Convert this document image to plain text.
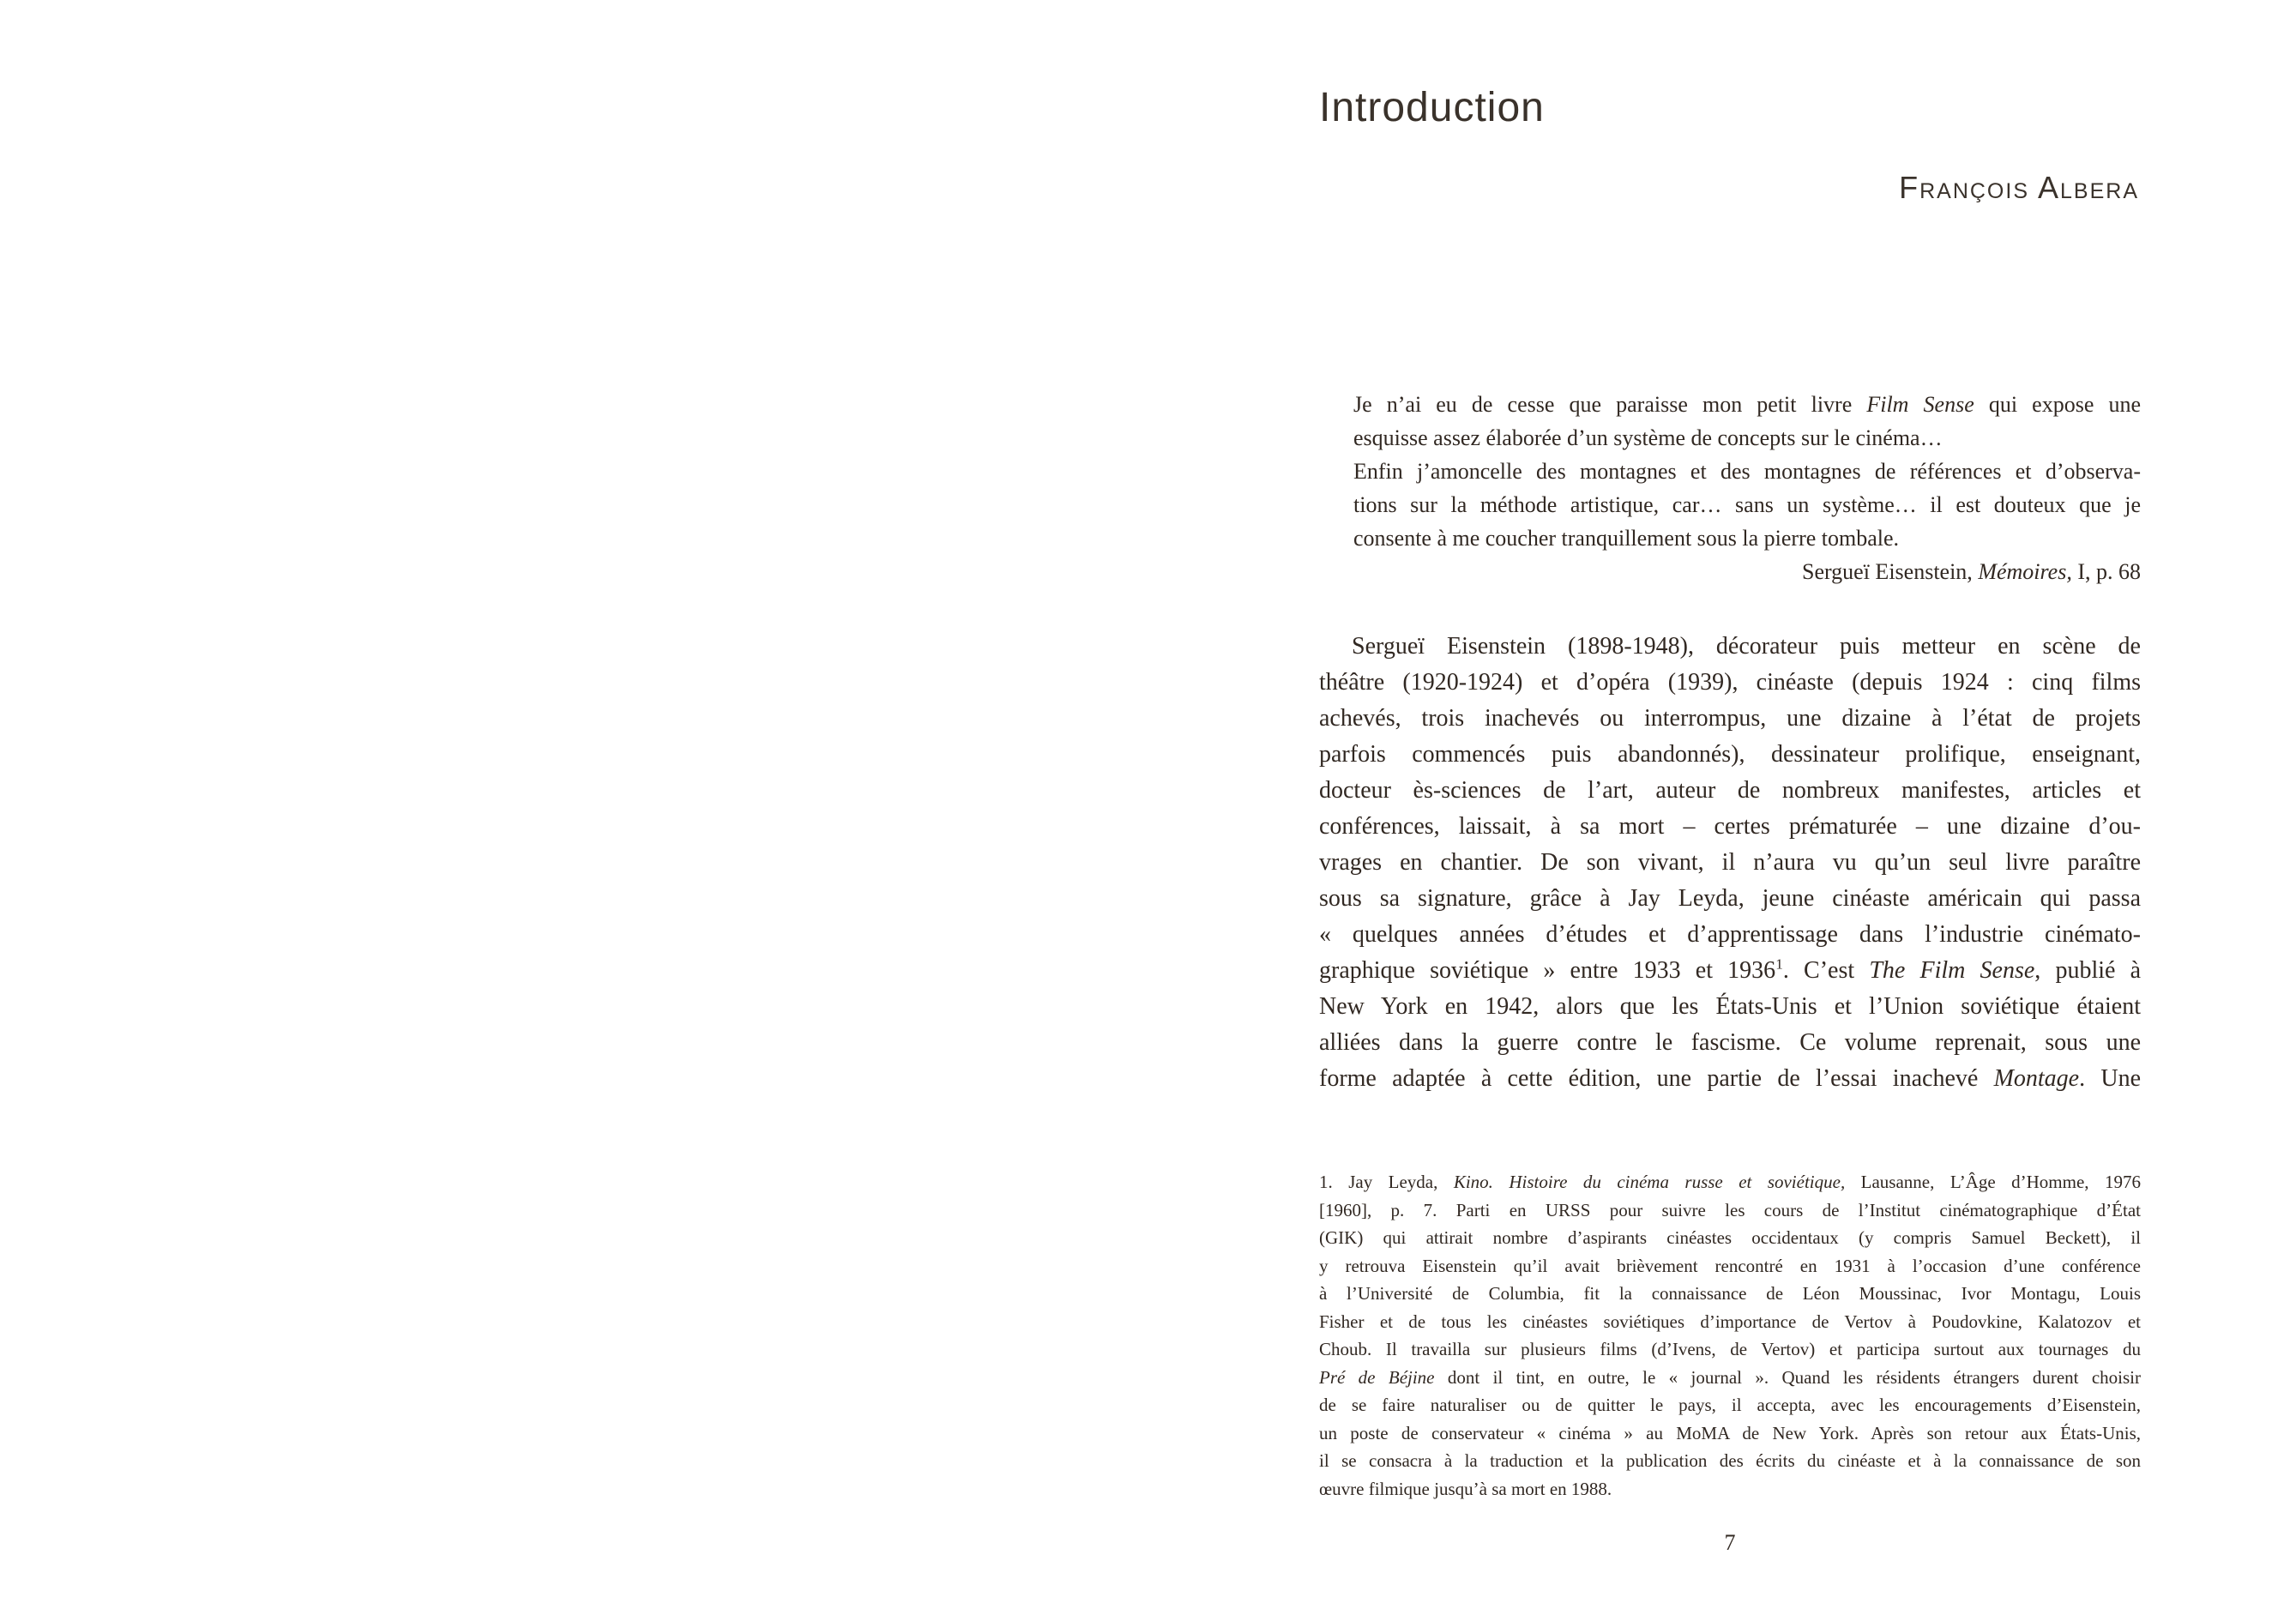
Introduction
François Albera
Je n’ai eu de cesse que paraisse mon petit livre Film Sense qui expose une
esquisse assez élaborée d’un système de concepts sur le cinéma…
Enfin j’amoncelle des montagnes et des montagnes de références et d’observa-
tions sur la méthode artistique, car… sans un système… il est douteux que je
consente à me coucher tranquillement sous la pierre tombale.
Sergueï Eisenstein, Mémoires, I, p. 68
Sergueï Eisenstein (1898-1948), décorateur puis metteur en scène de
théâtre (1920-1924) et d’opéra (1939), cinéaste (depuis 1924 : cinq films
achevés, trois inachevés ou interrompus, une dizaine à l’état de projets
parfois commencés puis abandonnés), dessinateur prolifique, enseignant,
docteur ès-sciences de l’art, auteur de nombreux manifestes, articles et
conférences, laissait, à sa mort – certes prématurée – une dizaine d’ou-
vrages en chantier. De son vivant, il n’aura vu qu’un seul livre paraître
sous sa signature, grâce à Jay Leyda, jeune cinéaste américain qui passa
« quelques années d’études et d’apprentissage dans l’industrie cinémato-
graphique soviétique » entre 1933 et 1936$^1$. C’est The Film Sense, publié à
New York en 1942, alors que les États-Unis et l’Union soviétique étaient
alliées dans la guerre contre le fascisme. Ce volume reprenait, sous une
forme adaptée à cette édition, une partie de l’essai inachevé Montage. Une
1. Jay Leyda, Kino. Histoire du cinéma russe et soviétique, Lausanne, L’Âge d’Homme, 1976
[1960], p. 7. Parti en URSS pour suivre les cours de l’Institut cinématographique d’État
(GIK) qui attirait nombre d’aspirants cinéastes occidentaux (y compris Samuel Beckett), il
y retrouva Eisenstein qu’il avait brièvement rencontré en 1931 à l’occasion d’une conférence
à l’Université de Columbia, fit la connaissance de Léon Moussinac, Ivor Montagu, Louis
Fisher et de tous les cinéastes soviétiques d’importance de Vertov à Poudovkine, Kalatozov et
Choub. Il travailla sur plusieurs films (d’Ivens, de Vertov) et participa surtout aux tournages du
Pré de Béjine dont il tint, en outre, le « journal ». Quand les résidents étrangers durent choisir
de se faire naturaliser ou de quitter le pays, il accepta, avec les encouragements d’Eisenstein,
un poste de conservateur « cinéma » au MoMA de New York. Après son retour aux États-Unis,
il se consacra à la traduction et la publication des écrits du cinéaste et à la connaissance de son
œuvre filmique jusqu’à sa mort en 1988.
7
